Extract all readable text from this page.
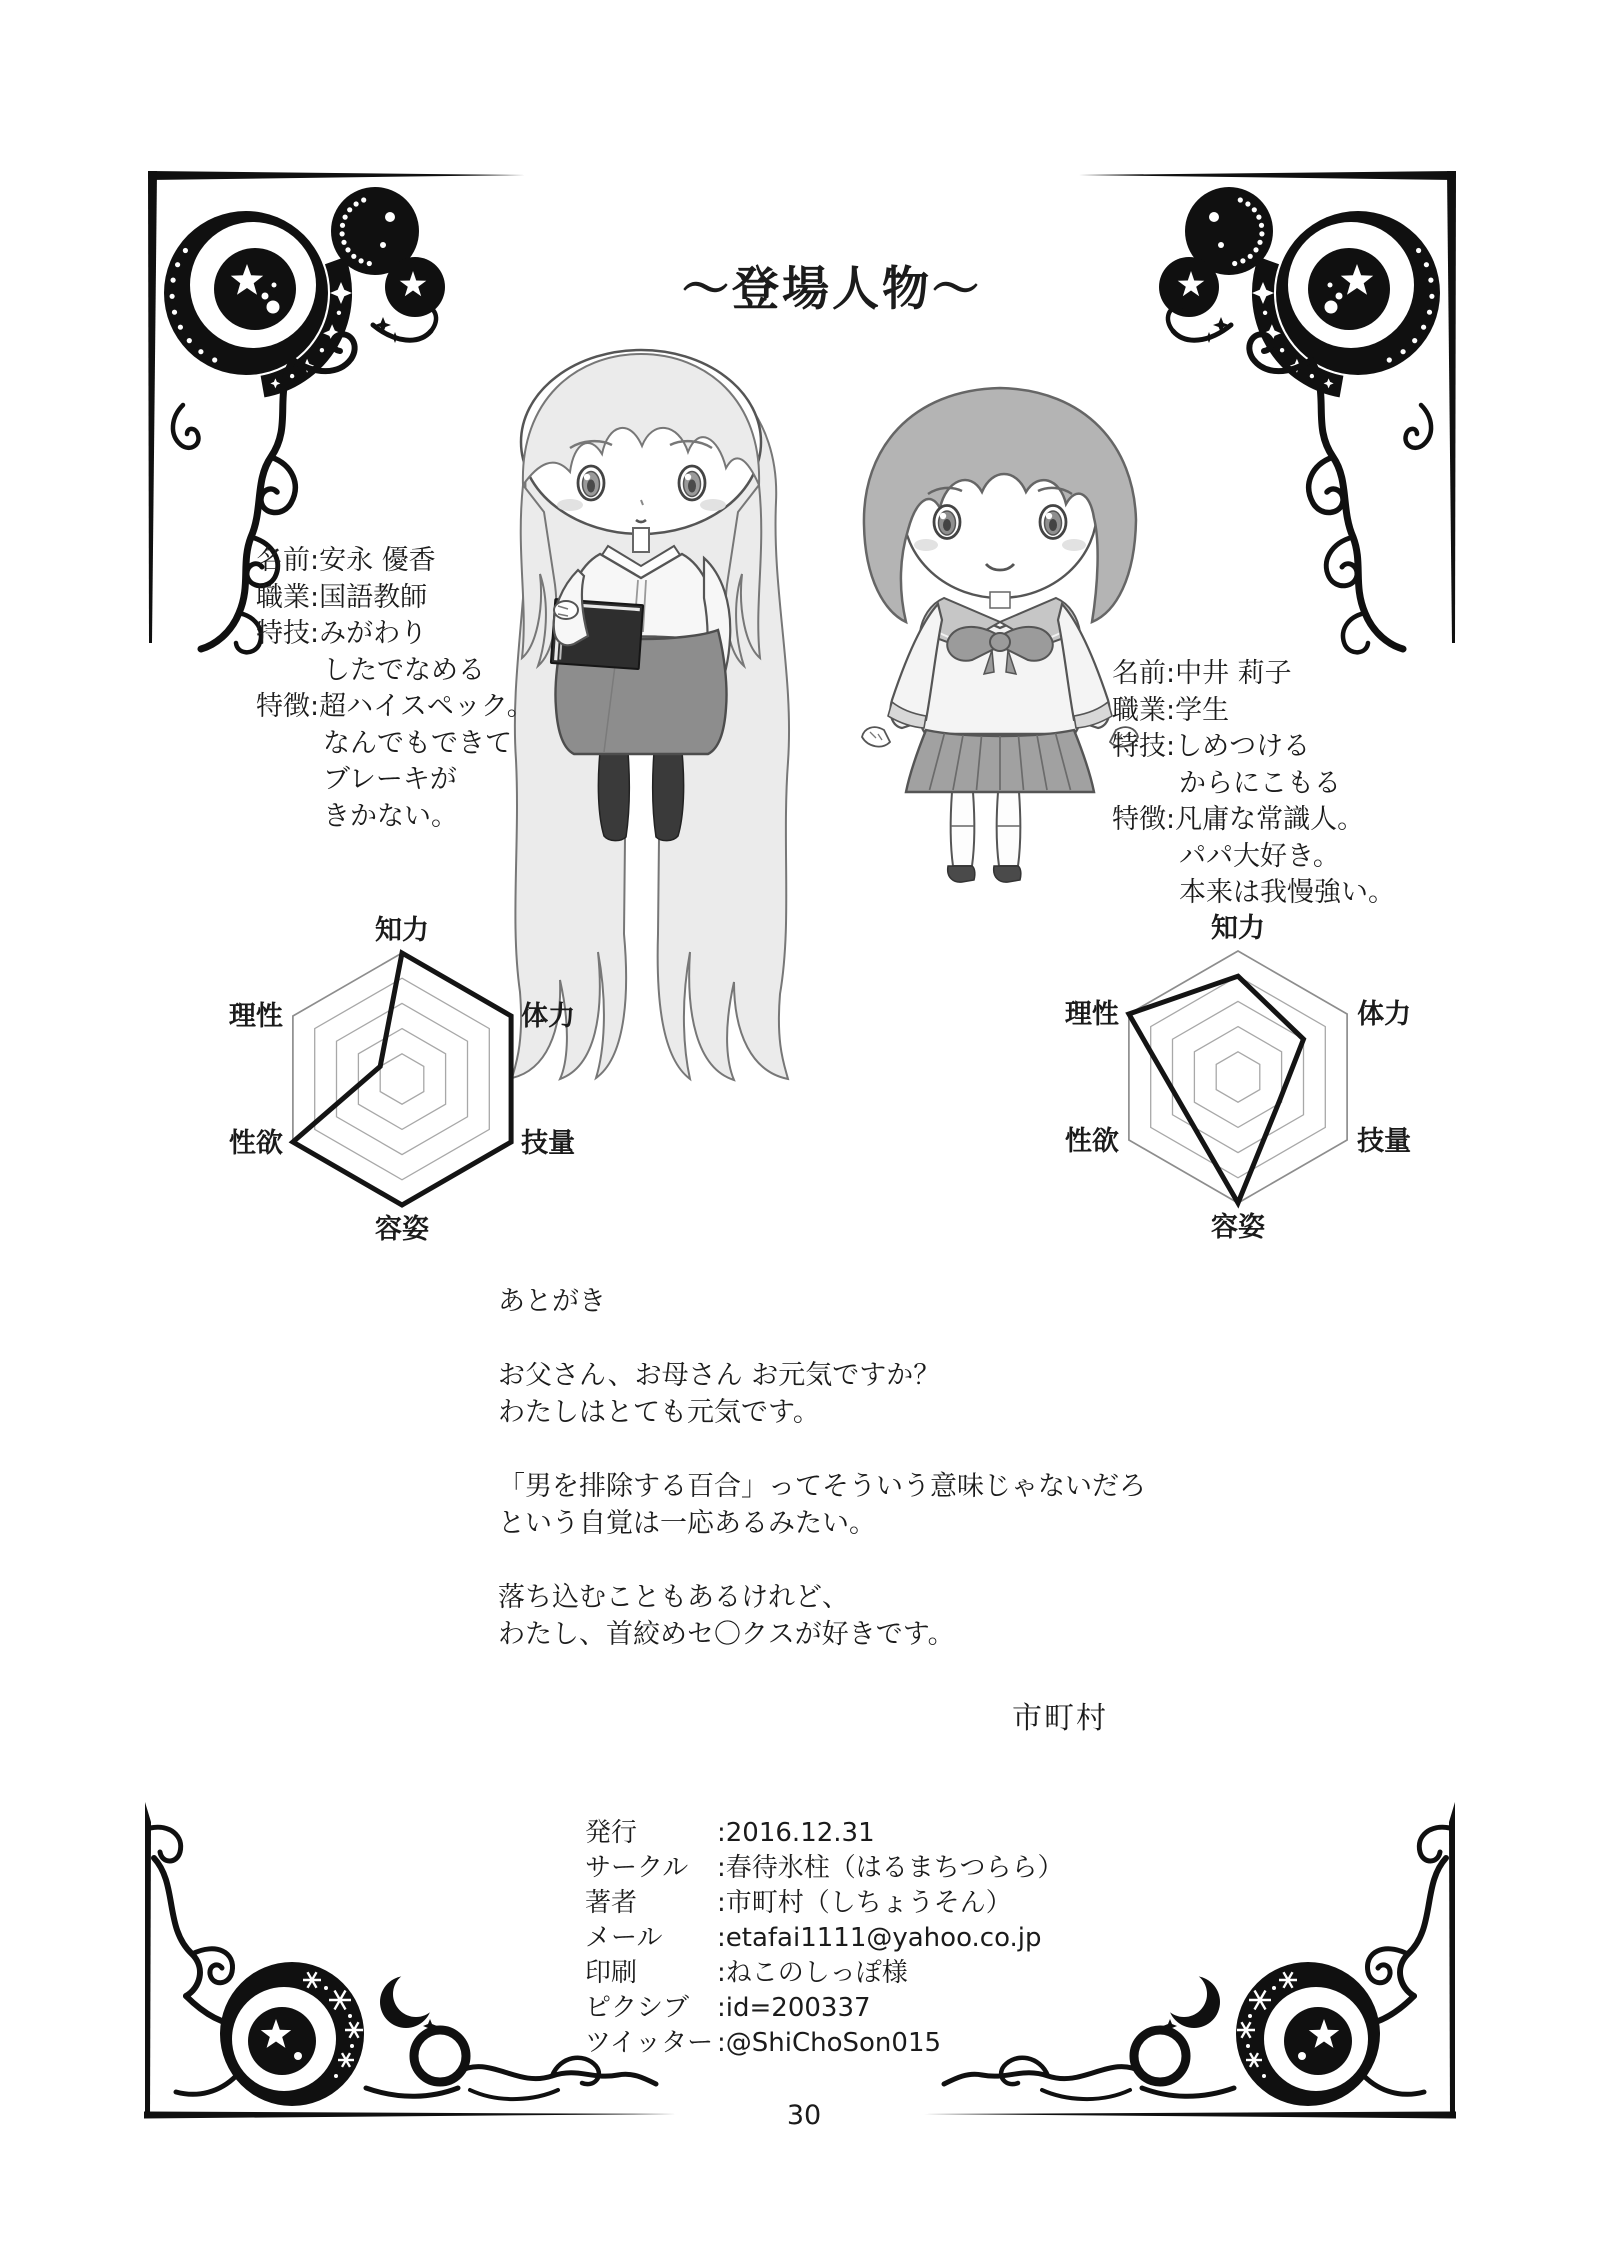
～登場人物～
名前:安永 優香
職業:国語教師
特技:みがわり
したでなめる
特徴:超ハイスペック。
なんでもできて
ブレーキが
きかない。
名前:中井 莉子
職業:学生
特技:しめつける
からにこもる
特徴:凡庸な常識人。
パパ大好き。
本来は我慢強い。
知力
体力
技量
容姿
性欲
理性
知力
体力
技量
容姿
性欲
理性
あとがき
お父さん、お母さん お元気ですか？
わたしはとても元気です。
「男を排除する百合」ってそういう意味じゃないだろ
という自覚は一応あるみたい。
落ち込むこともあるけれど、
わたし、首絞めセ〇クスが好きです。
市町村
発行	:2016.12.31
サークル :春待氷柱（はるまちつらら）
著者	:市町村（しちょうそん）
メール :etafai1111@yahoo.co.jp
印刷	:ねこのしっぽ様
ピクシブ :id=200337
ツイッター :@ShiChoSon015
30
